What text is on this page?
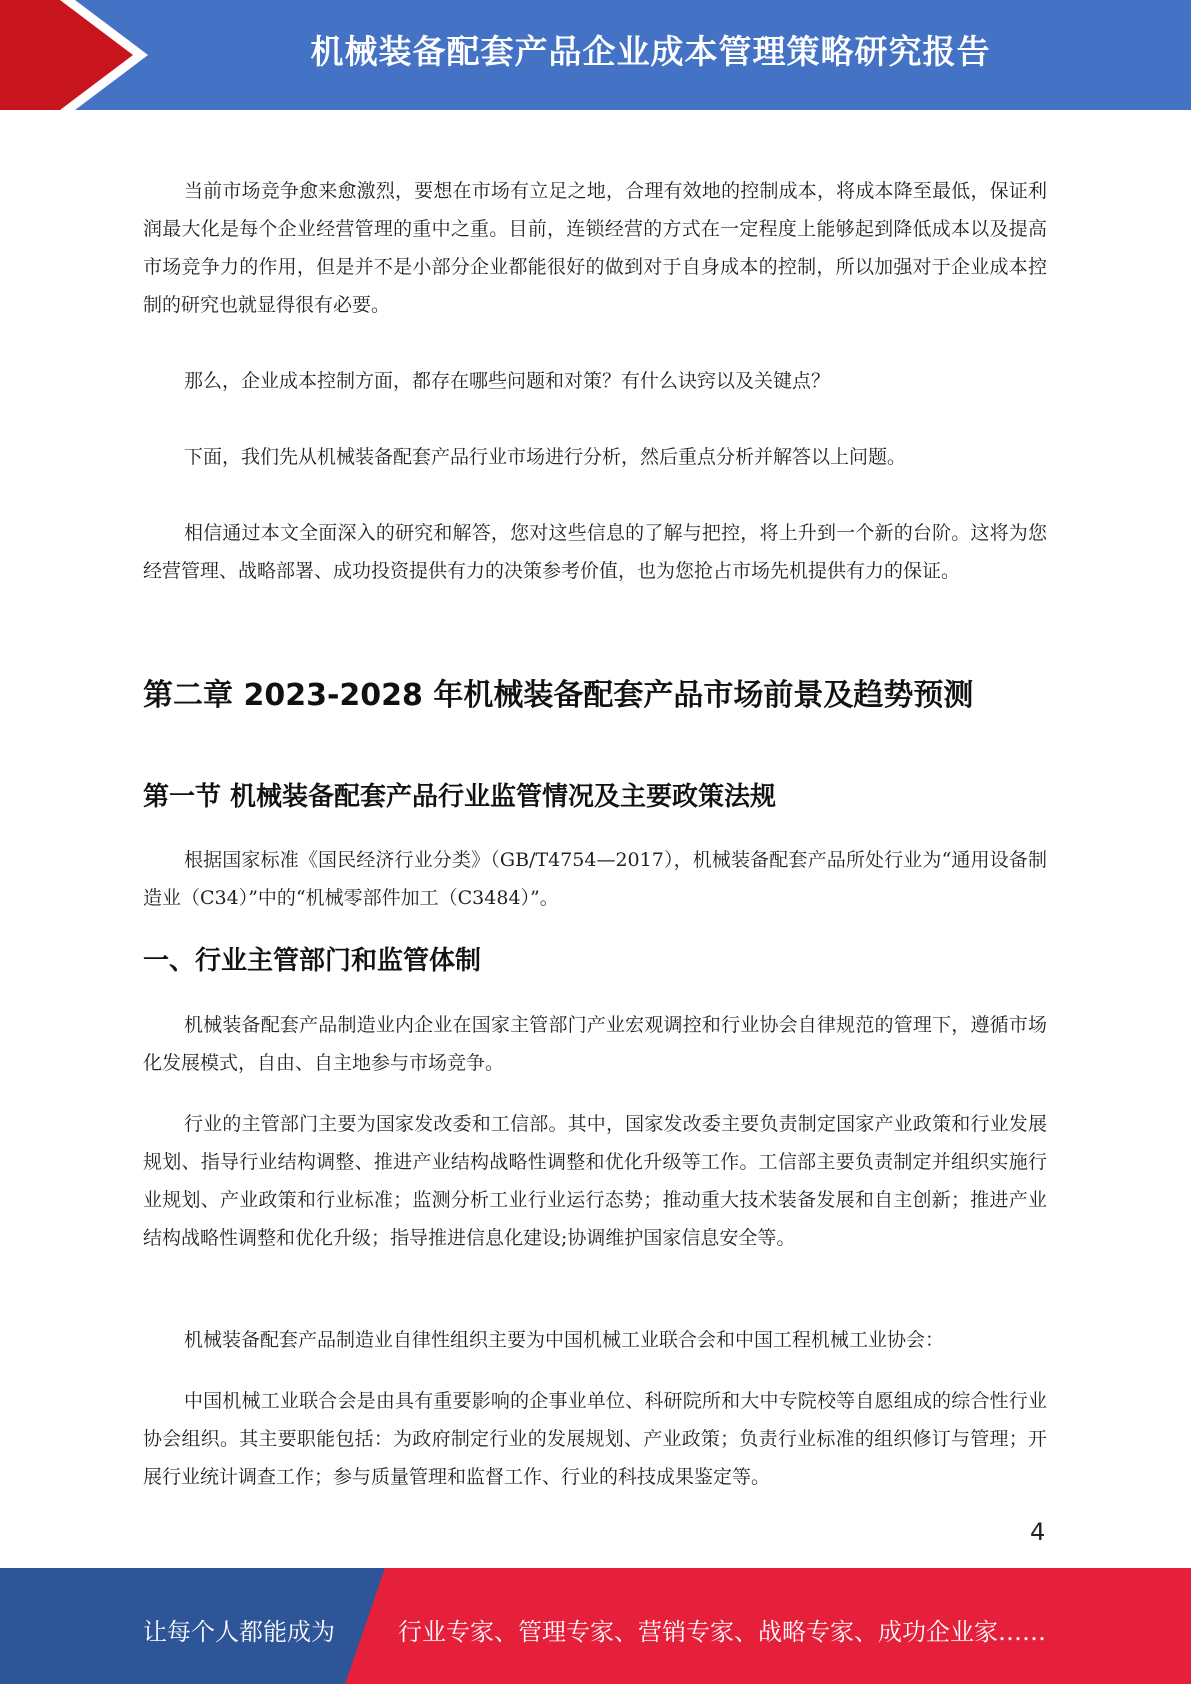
机械装备配套产品企业成本管理策略研究报告

当前市场竞争愈来愈激烈，要想在市场有立足之地，合理有效地的控制成本，将成本降至最低，保证利润最大化是每个企业经营管理的重中之重。目前，连锁经营的方式在一定程度上能够起到降低成本以及提高市场竞争力的作用，但是并不是小部分企业都能很好的做到对于自身成本的控制，所以加强对于企业成本控制的研究也就显得很有必要。

那么，企业成本控制方面，都存在哪些问题和对策？有什么诀窍以及关键点？

下面，我们先从机械装备配套产品行业市场进行分析，然后重点分析并解答以上问题。

相信通过本文全面深入的研究和解答，您对这些信息的了解与把控，将上升到一个新的台阶。这将为您经营管理、战略部署、成功投资提供有力的决策参考价值，也为您抢占市场先机提供有力的保证。

第二章 2023-2028 年机械装备配套产品市场前景及趋势预测
第一节 机械装备配套产品行业监管情况及主要政策法规

根据国家标准《国民经济行业分类》（GB/T4754—2017），机械装备配套产品所处行业为“通用设备制造业（C34）”中的“机械零部件加工（C3484）”。

一、行业主管部门和监管体制

机械装备配套产品制造业内企业在国家主管部门产业宏观调控和行业协会自律规范的管理下，遵循市场化发展模式，自由、自主地参与市场竞争。

行业的主管部门主要为国家发改委和工信部。其中，国家发改委主要负责制定国家产业政策和行业发展规划、指导行业结构调整、推进产业结构战略性调整和优化升级等工作。工信部主要负责制定并组织实施行业规划、产业政策和行业标准；监测分析工业行业运行态势；推动重大技术装备发展和自主创新；推进产业结构战略性调整和优化升级；指导推进信息化建设;协调维护国家信息安全等。

机械装备配套产品制造业自律性组织主要为中国机械工业联合会和中国工程机械工业协会：

中国机械工业联合会是由具有重要影响的企事业单位、科研院所和大中专院校等自愿组成的综合性行业协会组织。其主要职能包括：为政府制定行业的发展规划、产业政策；负责行业标准的组织修订与管理；开展行业统计调查工作；参与质量管理和监督工作、行业的科技成果鉴定等。

4
让每个人都能成为	行业专家、管理专家、营销专家、战略专家、成功企业家……
